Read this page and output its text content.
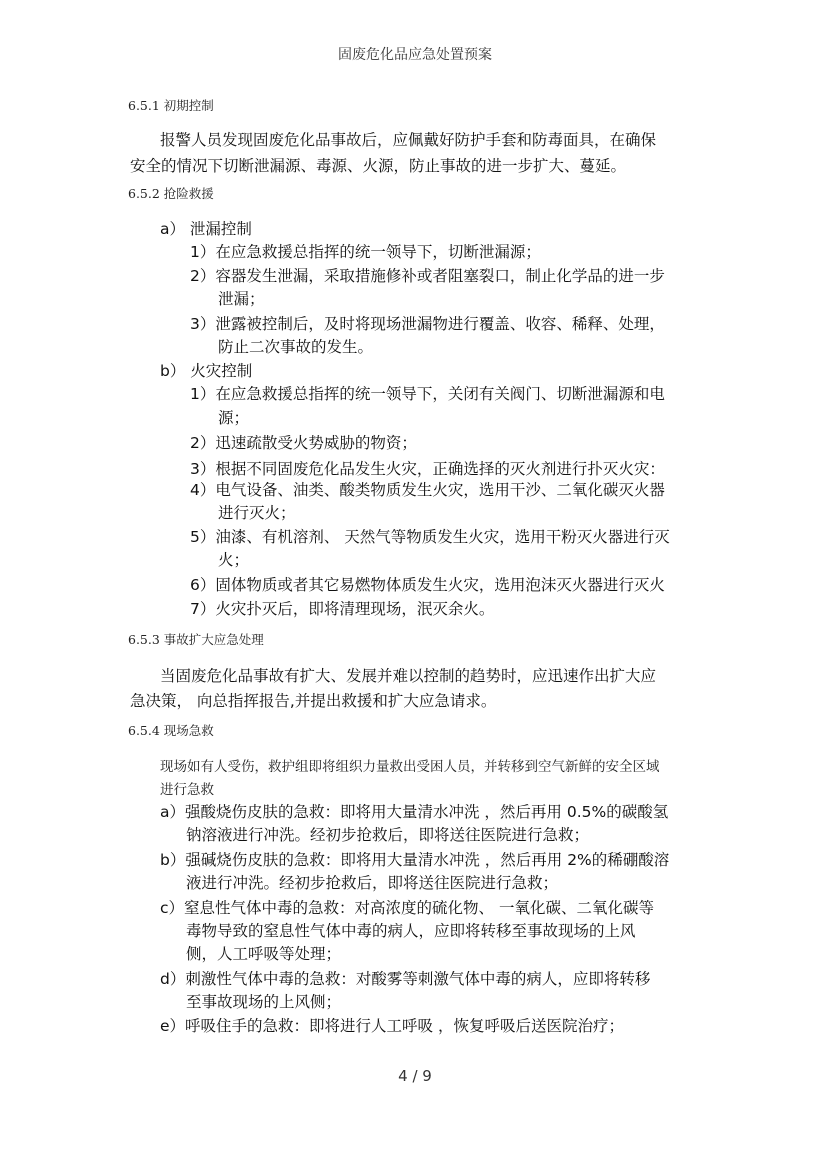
固废危化品应急处置预案
6.5.1 初期控制
报警人员发现固废危化品事故后，应佩戴好防护手套和防毒面具，在确保
安全的情况下切断泄漏源、毒源、火源，防止事故的进一步扩大、蔓延。
6.5.2 抢险救援
a） 泄漏控制
1）在应急救援总指挥的统一领导下，切断泄漏源；
2）容器发生泄漏，采取措施修补或者阻塞裂口，制止化学品的进一步
泄漏；
3）泄露被控制后，及时将现场泄漏物进行覆盖、收容、稀释、处理，
防止二次事故的发生。
b） 火灾控制
1）在应急救援总指挥的统一领导下，关闭有关阀门、切断泄漏源和电
源；
2）迅速疏散受火势威胁的物资；
3）根据不同固废危化品发生火灾，正确选择的灭火剂进行扑灭火灾：
4）电气设备、油类、酸类物质发生火灾，选用干沙、二氧化碳灭火器
进行灭火；
5）油漆、有机溶剂、 天然气等物质发生火灾，选用干粉灭火器进行灭
火；
6）固体物质或者其它易燃物体质发生火灾，选用泡沫灭火器进行灭火
7）火灾扑灭后，即将清理现场，泯灭余火。
6.5.3 事故扩大应急处理
当固废危化品事故有扩大、发展并难以控制的趋势时，应迅速作出扩大应
急决策， 向总指挥报告,并提出救援和扩大应急请求。
6.5.4 现场急救
现场如有人受伤，救护组即将组织力量救出受困人员，并转移到空气新鲜的安全区域
进行急救
a）强酸烧伤皮肤的急救：即将用大量清水冲洗 ，然后再用 0.5%的碳酸氢
钠溶液进行冲洗。经初步抢救后，即将送往医院进行急救；
b）强碱烧伤皮肤的急救：即将用大量清水冲洗 ，然后再用 2%的稀硼酸溶
液进行冲洗。经初步抢救后，即将送往医院进行急救；
c）窒息性气体中毒的急救：对高浓度的硫化物、 一氧化碳、二氧化碳等
毒物导致的窒息性气体中毒的病人，应即将转移至事故现场的上风
侧，人工呼吸等处理；
d）刺激性气体中毒的急救：对酸雾等刺激气体中毒的病人，应即将转移
至事故现场的上风侧；
e）呼吸住手的急救：即将进行人工呼吸 ，恢复呼吸后送医院治疗；
4 / 9
